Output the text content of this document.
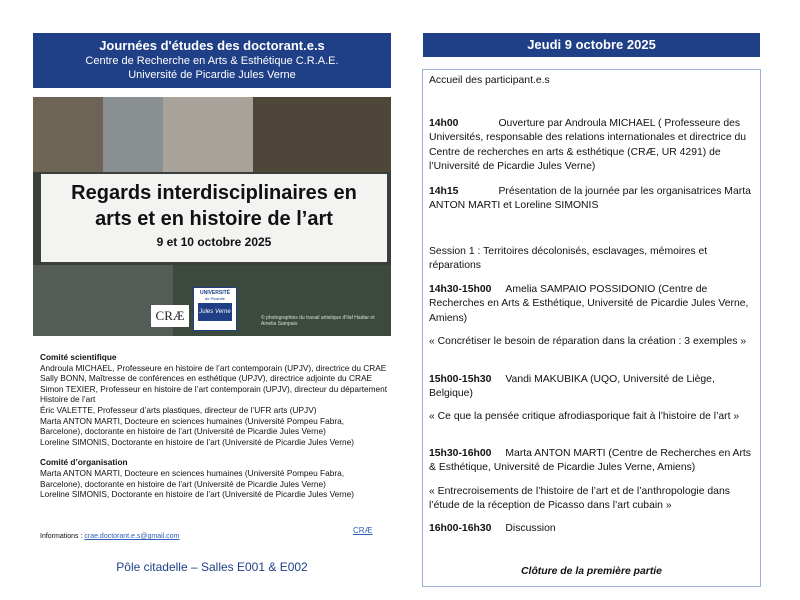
Journées d'études des doctorant.e.s
Centre de Recherche en Arts & Esthétique C.R.A.E.
Université de Picardie Jules Verne
Regards interdisciplinaires en
arts et en histoire de l’art
9 et 10 octobre 2025
CRÆ
UNIVERSITÉ
de Picardie
Jules Verne
© photographies du travail artistique d'Ilaf Haidar et Amelia Sampaio
Comité scientifique
Androula MICHAEL, Professeure en histoire de l’art contemporain (UPJV), directrice du CRAE
Sally BONN, Maîtresse de conférences en esthétique (UPJV), directrice adjointe du CRAE
Simon TEXIER, Professeur en histoire de l’art contemporain (UPJV), directeur du département Histoire de l’art
Éric VALETTE, Professeur d’arts plastiques, directeur de l’UFR arts (UPJV)
Marta ANTON MARTI, Docteure en sciences humaines (Université Pompeu Fabra, Barcelone), doctorante en histoire de l’art (Université de Picardie Jules Verne)
Loreline SIMONIS, Doctorante en histoire de l’art (Université de Picardie Jules Verne)
Comité d’organisation
Marta ANTON MARTI, Docteure en sciences humaines (Université Pompeu Fabra, Barcelone), doctorante en histoire de l’art (Université de Picardie Jules Verne)
Loreline SIMONIS, Doctorante en histoire de l’art (Université de Picardie Jules Verne)
Informations : crae.doctorant.e.s@gmail.com
CRÆ
Pôle citadelle – Salles E001 & E002
Jeudi 9 octobre 2025
Accueil des participant.e.s
14h00	Ouverture par Androula MICHAEL ( Professeure des Universités, responsable des relations internationales et directrice du Centre de recherches en arts & esthétique (CRÆ, UR 4291) de l’Université de Picardie Jules Verne)
14h15	Présentation de la journée par les organisatrices Marta ANTON MARTI et Loreline SIMONIS
Session 1 : Territoires décolonisés, esclavages, mémoires et réparations
14h30-15h00 Amelia SAMPAIO POSSIDONIO (Centre de Recherches en Arts & Esthétique, Université de Picardie Jules Verne, Amiens)
« Concrétiser le besoin de réparation dans la création : 3 exemples »
15h00-15h30 Vandi MAKUBIKA (UQO, Université de Liège, Belgique)
« Ce que la pensée critique afrodiasporique fait à l’histoire de l’art »
15h30-16h00 Marta ANTON MARTI (Centre de Recherches en Arts & Esthétique, Université de Picardie Jules Verne, Amiens)
« Entrecroisements de l’histoire de l’art et de l’anthropologie dans l’étude de la réception de Picasso dans l’art cubain »
16h00-16h30 Discussion
Clôture de la première partie
